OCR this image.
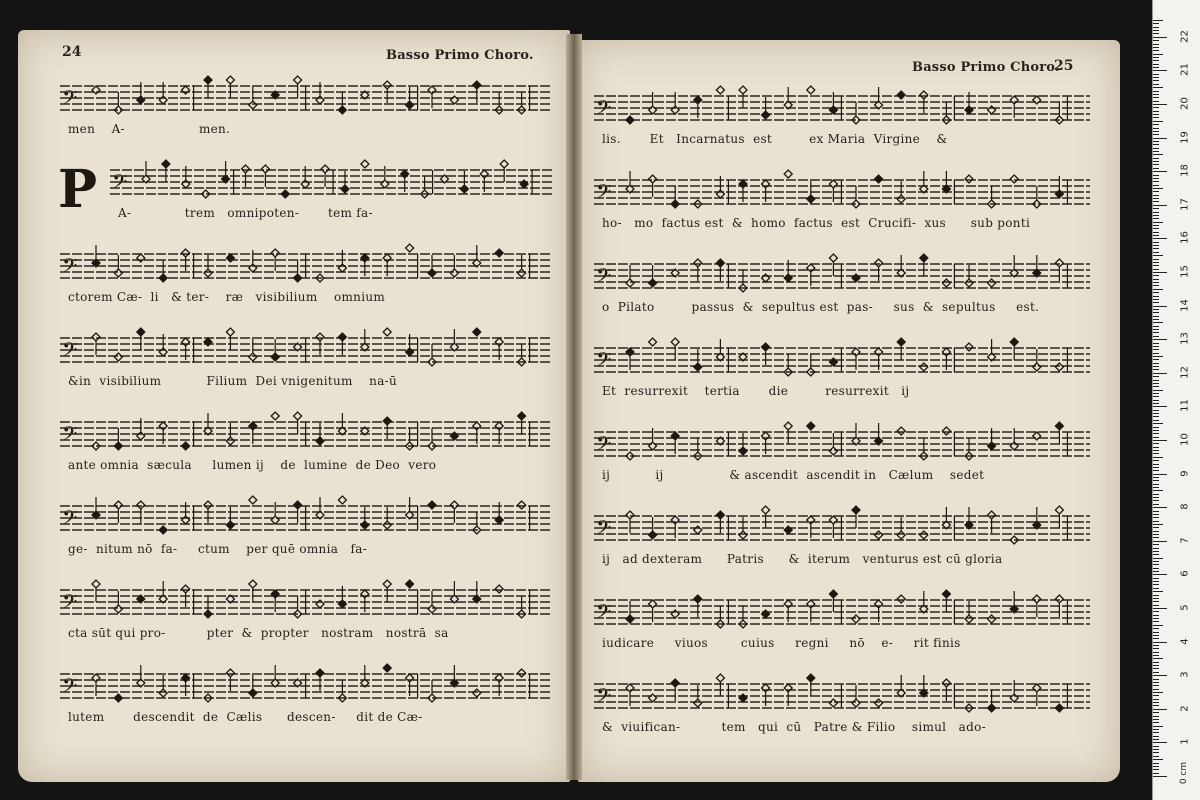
24	Basso Primo Choro.
P
Basso Primo Choro.
25
𝄢
men    A-                  men.
𝄢
A-             trem   omnipoten-       tem fa-
𝄢
ctorem Cæ-  li   & ter-    ræ   visibilium    omnium
𝄢
&in  visibilium           Filium  Dei vnigenitum    na-ū
𝄢
ante omnia  sæcula     lumen ij    de  lumine  de Deo  vero
𝄢
ge-  nitum nō  fa-     ctum    per quē omnia   fa-
𝄢
cta sūt qui pro-          pter  &  propter   nostram   nostrā  sa
𝄢
lutem       descendit  de  Cælis      descen-     dit de Cæ-
𝄢
lis.       Et   Incarnatus  est         ex Maria  Virgine    &
𝄢
ho-   mo  factus est  &  homo  factus  est  Crucifi-  xus      sub ponti
𝄢
o  Pilato         passus  &  sepultus est  pas-     sus  &  sepultus     est.
𝄢
Et  resurrexit    tertia       die         resurrexit   ij
𝄢
ij           ij                & ascendit  ascendit in   Cælum    sedet
𝄢
ij   ad dexteram      Patris      &  iterum   venturus est cū gloria
𝄢
iudicare     viuos        cuius     regni     nō    e-     rit finis
𝄢
&  viuifican-          tem   qui  cū   Patre & Filio    simul   ado-
0 cm
1
2
3
4
5
6
7
8
9
10
11
12
13
14
15
16
17
18
19
20
21
22
